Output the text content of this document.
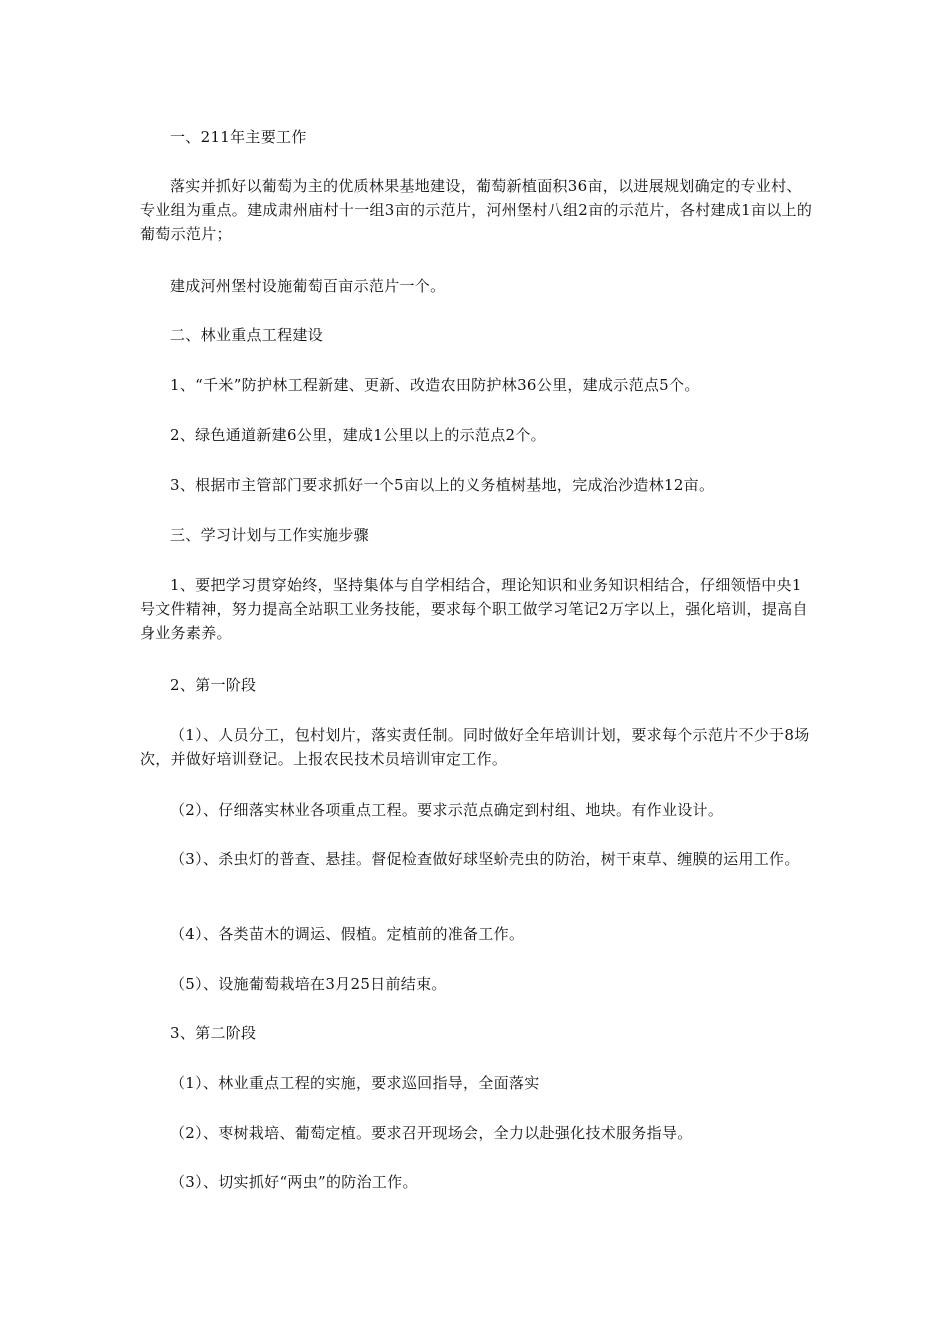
一、211年主要工作

落实并抓好以葡萄为主的优质林果基地建设，葡萄新植面积36亩，以进展规划确定的专业村、专业组为重点。建成肃州庙村十一组3亩的示范片，河州堡村八组2亩的示范片，各村建成1亩以上的葡萄示范片；

建成河州堡村设施葡萄百亩示范片一个。

二、林业重点工程建设

1、“千米”防护林工程新建、更新、改造农田防护林36公里，建成示范点5个。

2、绿色通道新建6公里，建成1公里以上的示范点2个。

3、根据市主管部门要求抓好一个5亩以上的义务植树基地，完成治沙造林12亩。

三、学习计划与工作实施步骤

1、要把学习贯穿始终，坚持集体与自学相结合，理论知识和业务知识相结合，仔细领悟中央1号文件精神，努力提高全站职工业务技能，要求每个职工做学习笔记2万字以上，强化培训，提高自身业务素养。

2、第一阶段

（1）、人员分工，包村划片，落实责任制。同时做好全年培训计划，要求每个示范片不少于8场次，并做好培训登记。上报农民技术员培训审定工作。

（2）、仔细落实林业各项重点工程。要求示范点确定到村组、地块。有作业设计。

（3）、杀虫灯的普查、悬挂。督促检查做好球坚蚧壳虫的防治，树干束草、缠膜的运用工作。

（4）、各类苗木的调运、假植。定植前的准备工作。

（5）、设施葡萄栽培在3月25日前结束。

3、第二阶段

（1）、林业重点工程的实施，要求巡回指导，全面落实

（2）、枣树栽培、葡萄定植。要求召开现场会，全力以赴强化技术服务指导。

（3）、切实抓好“两虫”的防治工作。
